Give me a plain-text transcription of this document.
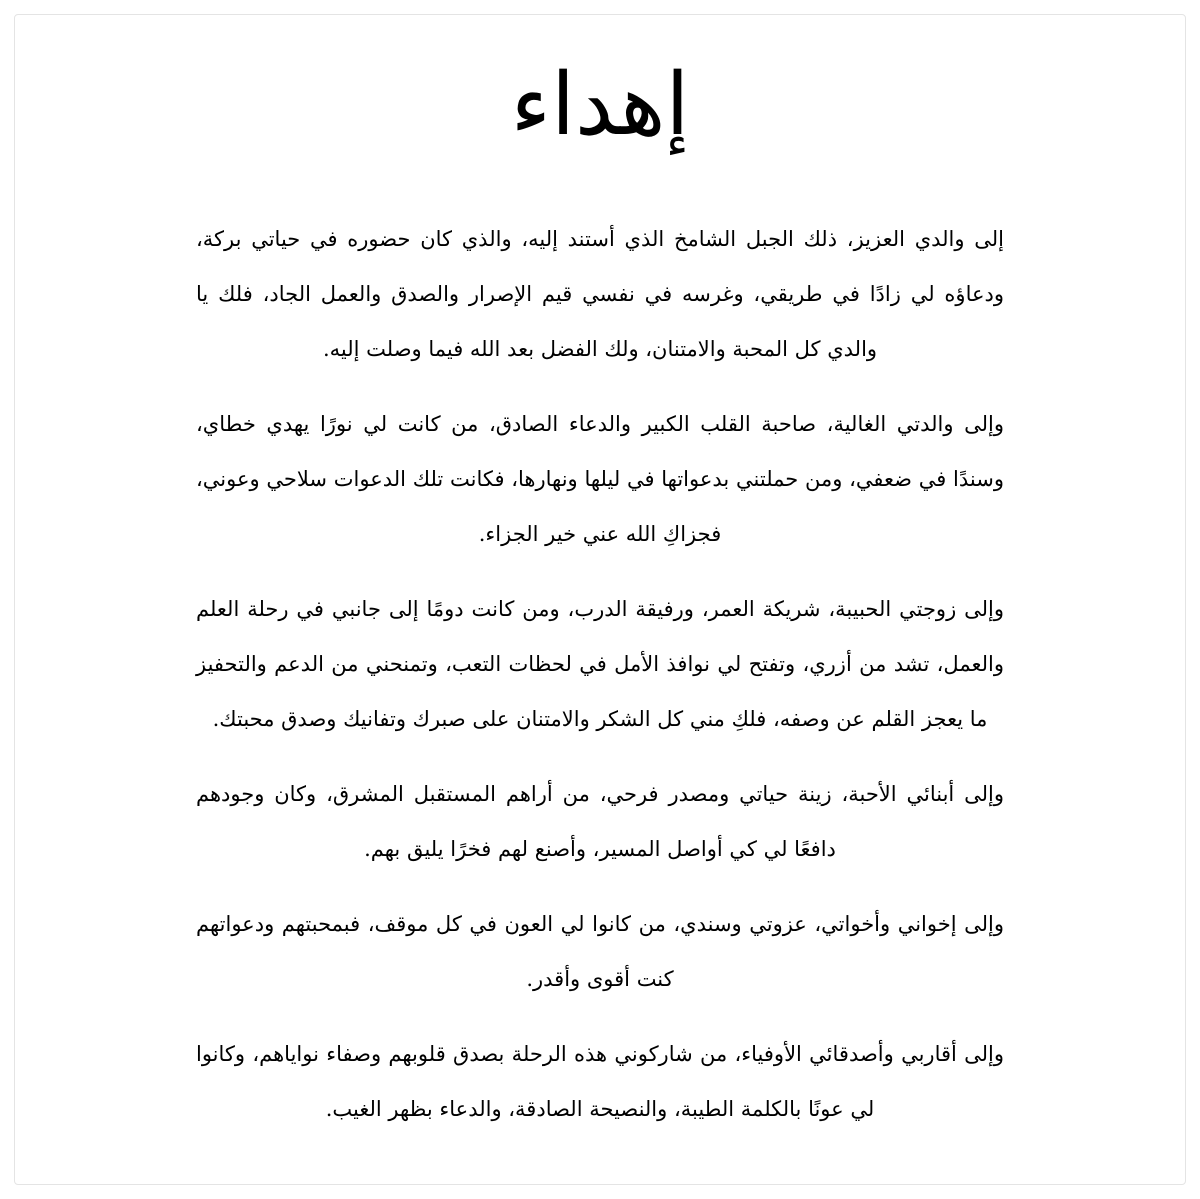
إهداء

إلى والدي العزيز، ذلك الجبل الشامخ الذي أستند إليه، والذي كان حضوره في حياتي بركة، ودعاؤه لي زادًا في طريقي، وغرسه في نفسي قيم الإصرار والصدق والعمل الجاد، فلك يا والدي كل المحبة والامتنان، ولك الفضل بعد الله فيما وصلت إليه.

وإلى والدتي الغالية، صاحبة القلب الكبير والدعاء الصادق، من كانت لي نورًا يهدي خطاي، وسندًا في ضعفي، ومن حملتني بدعواتها في ليلها ونهارها، فكانت تلك الدعوات سلاحي وعوني، فجزاكِ الله عني خير الجزاء.

وإلى زوجتي الحبيبة، شريكة العمر، ورفيقة الدرب، ومن كانت دومًا إلى جانبي في رحلة العلم والعمل، تشد من أزري، وتفتح لي نوافذ الأمل في لحظات التعب، وتمنحني من الدعم والتحفيز ما يعجز القلم عن وصفه، فلكِ مني كل الشكر والامتنان على صبرك وتفانيك وصدق محبتك.

وإلى أبنائي الأحبة، زينة حياتي ومصدر فرحي، من أراهم المستقبل المشرق، وكان وجودهم دافعًا لي كي أواصل المسير، وأصنع لهم فخرًا يليق بهم.

وإلى إخواني وأخواتي، عزوتي وسندي، من كانوا لي العون في كل موقف، فبمحبتهم ودعواتهم كنت أقوى وأقدر.

وإلى أقاربي وأصدقائي الأوفياء، من شاركوني هذه الرحلة بصدق قلوبهم وصفاء نواياهم، وكانوا لي عونًا بالكلمة الطيبة، والنصيحة الصادقة، والدعاء بظهر الغيب.
